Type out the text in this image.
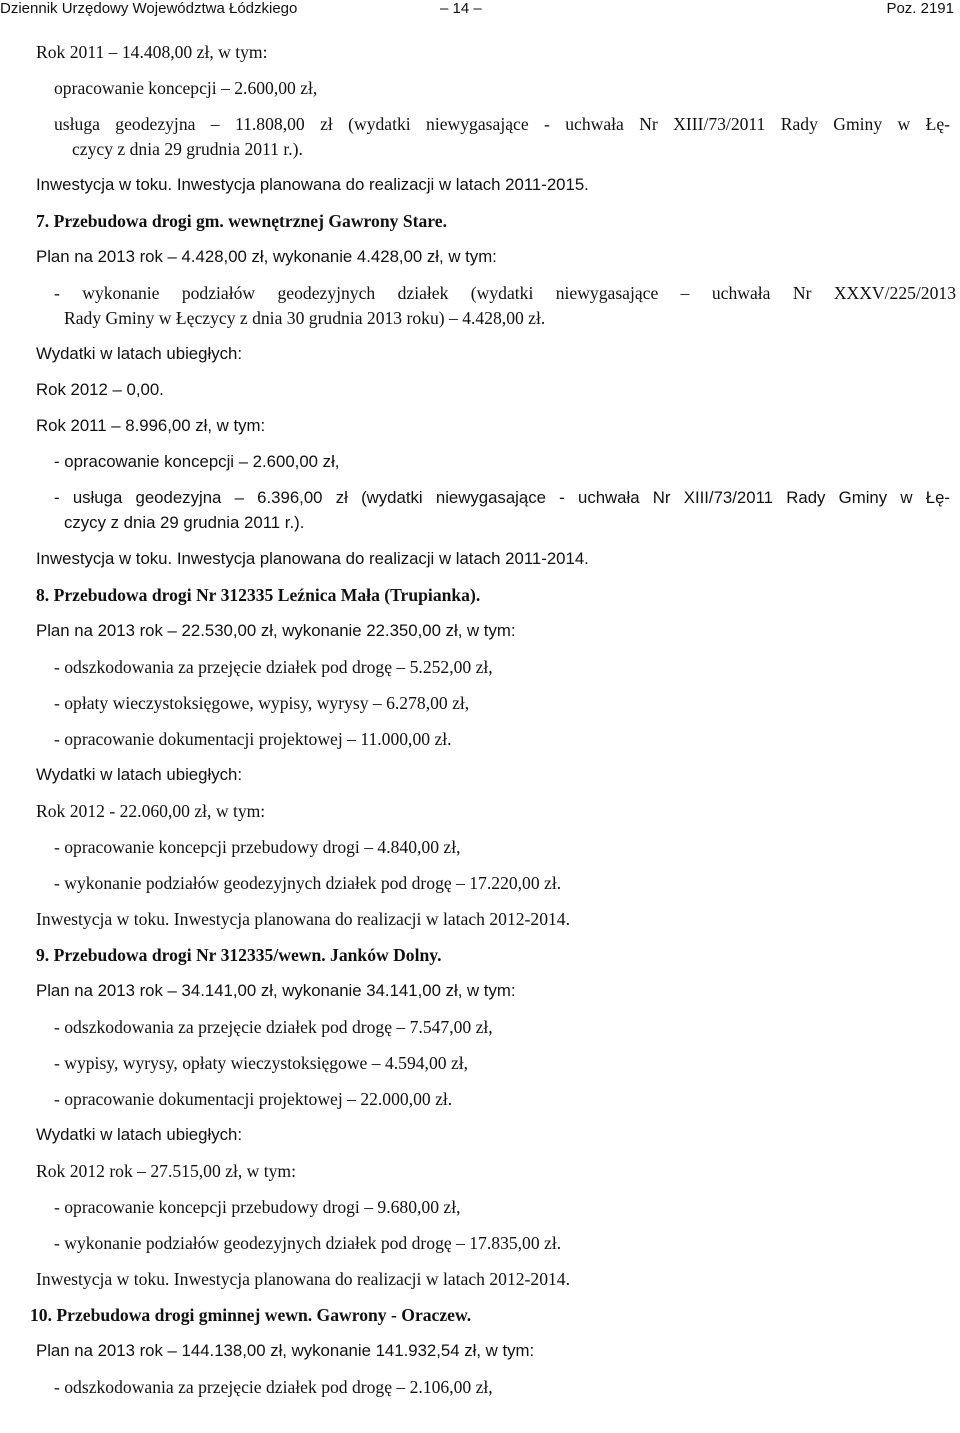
Dziennik Urzędowy Województwa Łódzkiego	– 14 –	Poz. 2191
Rok 2011 – 14.408,00 zł, w tym:
opracowanie koncepcji – 2.600,00 zł,
usługa geodezyjna – 11.808,00 zł (wydatki niewygasające - uchwała Nr XIII/73/2011 Rady Gminy w Łę-
czycy z dnia 29 grudnia 2011 r.).
Inwestycja w toku. Inwestycja planowana do realizacji w latach 2011-2015.
7. Przebudowa drogi gm. wewnętrznej Gawrony Stare.
Plan na 2013 rok – 4.428,00 zł, wykonanie 4.428,00 zł, w tym:
- wykonanie podziałów geodezyjnych działek (wydatki niewygasające – uchwała Nr XXXV/225/2013
Rady Gminy w Łęczycy z dnia 30 grudnia 2013 roku) – 4.428,00 zł.
Wydatki w latach ubiegłych:
Rok 2012 – 0,00.
Rok 2011 – 8.996,00 zł, w tym:
- opracowanie koncepcji – 2.600,00 zł,
- usługa geodezyjna – 6.396,00 zł (wydatki niewygasające - uchwała Nr XIII/73/2011 Rady Gminy w Łę-
czycy z dnia 29 grudnia 2011 r.).
Inwestycja w toku. Inwestycja planowana do realizacji w latach 2011-2014.
8. Przebudowa drogi Nr 312335 Leźnica Mała (Trupianka).
Plan na 2013 rok – 22.530,00 zł, wykonanie 22.350,00 zł, w tym:
- odszkodowania za przejęcie działek pod drogę – 5.252,00 zł,
- opłaty wieczystoksięgowe, wypisy, wyrysy – 6.278,00 zł,
- opracowanie dokumentacji projektowej – 11.000,00 zł.
Wydatki w latach ubiegłych:
Rok 2012 - 22.060,00 zł, w tym:
- opracowanie koncepcji przebudowy drogi – 4.840,00 zł,
- wykonanie podziałów geodezyjnych działek pod drogę – 17.220,00 zł.
Inwestycja w toku. Inwestycja planowana do realizacji w latach 2012-2014.
9. Przebudowa drogi Nr 312335/wewn. Janków Dolny.
Plan na 2013 rok – 34.141,00 zł, wykonanie 34.141,00 zł, w tym:
- odszkodowania za przejęcie działek pod drogę – 7.547,00 zł,
- wypisy, wyrysy, opłaty wieczystoksięgowe – 4.594,00 zł,
- opracowanie dokumentacji projektowej – 22.000,00 zł.
Wydatki w latach ubiegłych:
Rok 2012 rok – 27.515,00 zł, w tym:
- opracowanie koncepcji przebudowy drogi – 9.680,00 zł,
- wykonanie podziałów geodezyjnych działek pod drogę – 17.835,00 zł.
Inwestycja w toku. Inwestycja planowana do realizacji w latach 2012-2014.
10. Przebudowa drogi gminnej wewn. Gawrony - Oraczew.
Plan na 2013 rok – 144.138,00 zł, wykonanie 141.932,54 zł, w tym:
- odszkodowania za przejęcie działek pod drogę – 2.106,00 zł,
